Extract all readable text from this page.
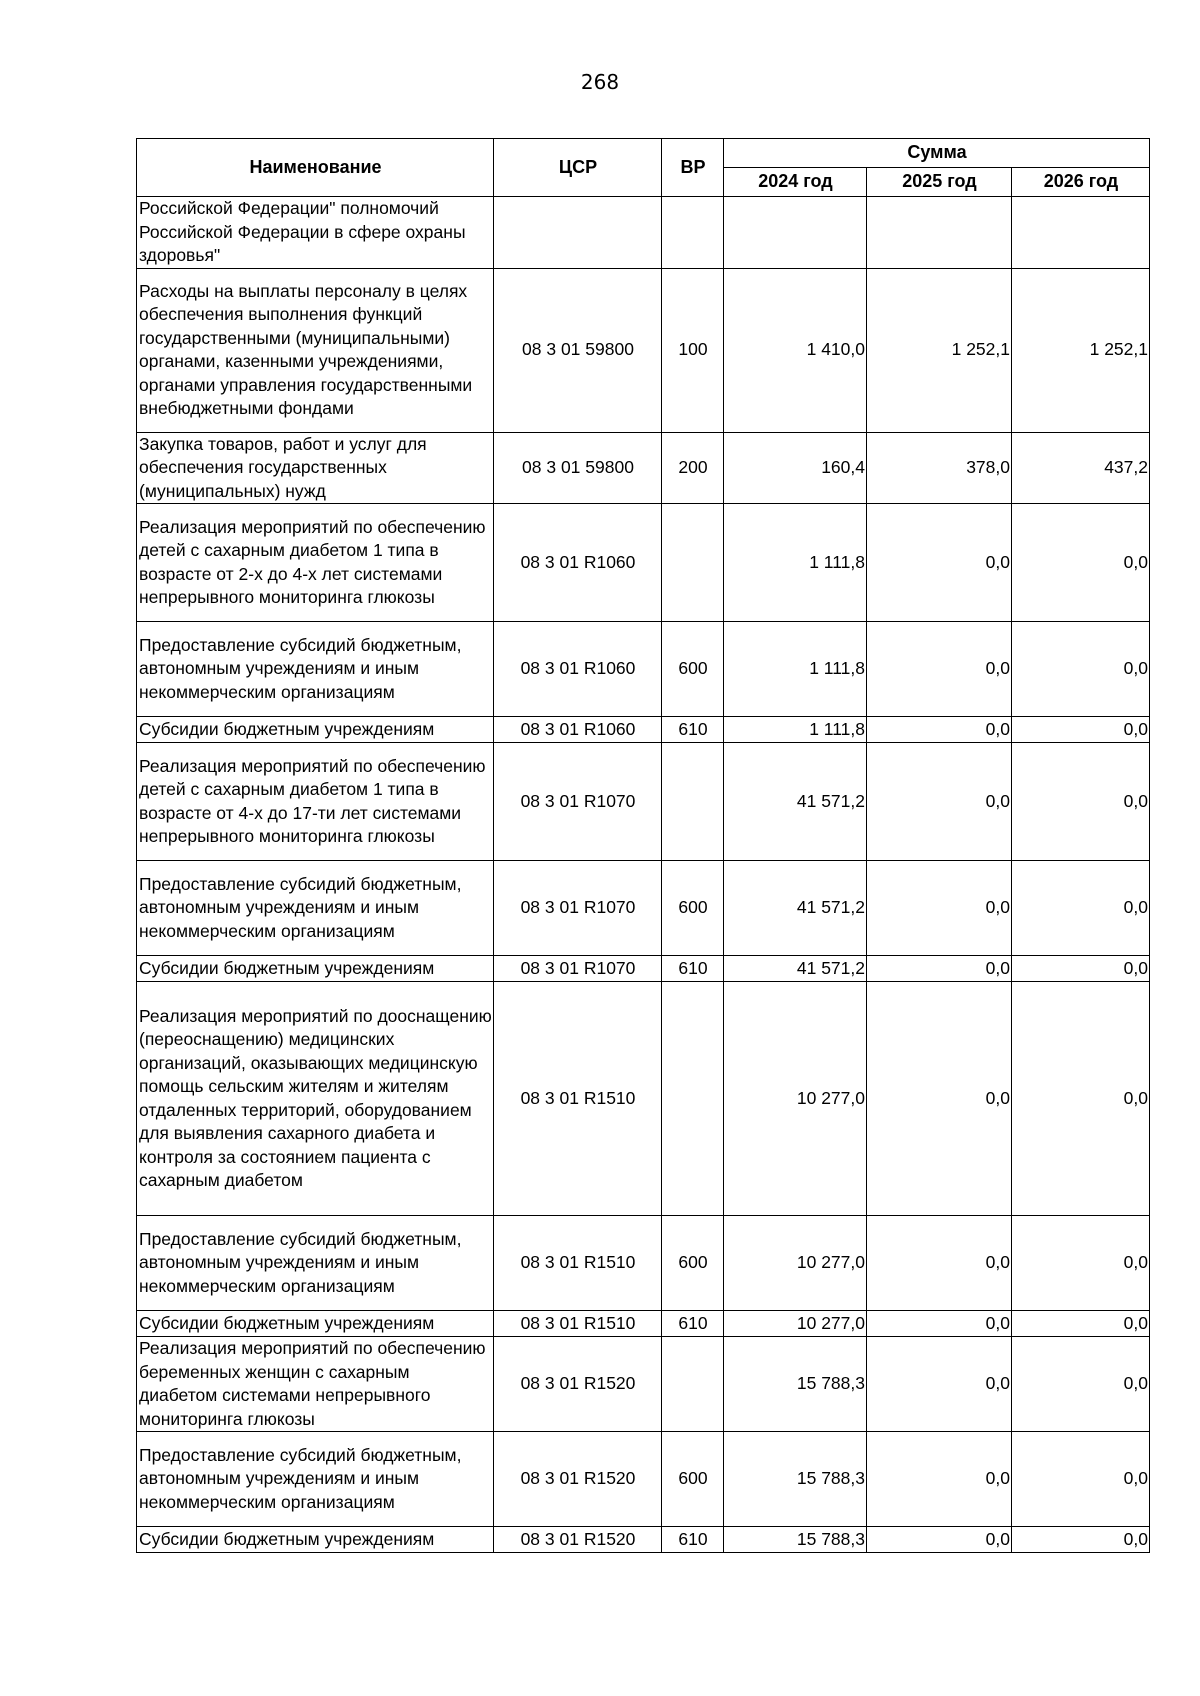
268
Наименование	ЦСР	ВР	Сумма		
			2024 год	2025 год	2026 год
Российской Федерации" полномочий Российской Федерации в сфере охраны здоровья"					
Расходы на выплаты персоналу в целях обеспечения выполнения функций государственными (муниципальными) органами, казенными учреждениями, органами управления государственными внебюджетными фондами	08 3 01 59800	100	1 410,0	1 252,1	1 252,1
Закупка товаров, работ и услуг для обеспечения государственных (муниципальных) нужд	08 3 01 59800	200	160,4	378,0	437,2
Реализация мероприятий по обеспечению детей с сахарным диабетом 1 типа в возрасте от 2-х до 4-х лет системами непрерывного мониторинга глюкозы	08 3 01 R1060		1 111,8	0,0	0,0
Предоставление субсидий бюджетным, автономным учреждениям и иным некоммерческим организациям	08 3 01 R1060	600	1 111,8	0,0	0,0
Субсидии бюджетным учреждениям	08 3 01 R1060	610	1 111,8	0,0	0,0
Реализация мероприятий по обеспечению детей с сахарным диабетом 1 типа в возрасте от 4-х до 17-ти лет системами непрерывного мониторинга глюкозы	08 3 01 R1070		41 571,2	0,0	0,0
Предоставление субсидий бюджетным, автономным учреждениям и иным некоммерческим организациям	08 3 01 R1070	600	41 571,2	0,0	0,0
Субсидии бюджетным учреждениям	08 3 01 R1070	610	41 571,2	0,0	0,0
Реализация мероприятий по дооснащению (переоснащению) медицинских организаций, оказывающих медицинскую помощь сельским жителям и жителям отдаленных территорий, оборудованием для выявления сахарного диабета и контроля за состоянием пациента с сахарным диабетом	08 3 01 R1510		10 277,0	0,0	0,0
Предоставление субсидий бюджетным, автономным учреждениям и иным некоммерческим организациям	08 3 01 R1510	600	10 277,0	0,0	0,0
Субсидии бюджетным учреждениям	08 3 01 R1510	610	10 277,0	0,0	0,0
Реализация мероприятий по обеспечению беременных женщин с сахарным диабетом системами непрерывного мониторинга глюкозы	08 3 01 R1520		15 788,3	0,0	0,0
Предоставление субсидий бюджетным, автономным учреждениям и иным некоммерческим организациям	08 3 01 R1520	600	15 788,3	0,0	0,0
Субсидии бюджетным учреждениям	08 3 01 R1520	610	15 788,3	0,0	0,0
